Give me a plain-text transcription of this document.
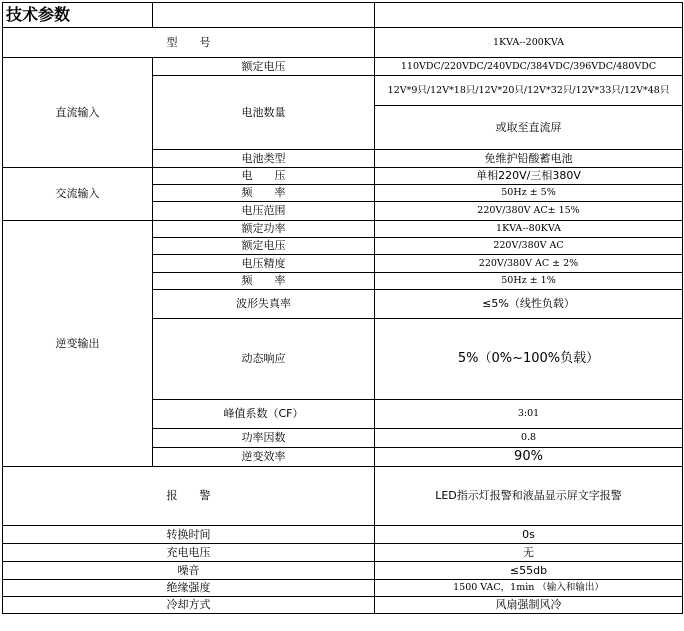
技术参数		
型　　号		1KVA--200KVA
直流输入	额定电压	110VDC/220VDC/240VDC/384VDC/396VDC/480VDC
	电池数量	12V*9只/12V*18只/12V*20只/12V*32只/12V*33只/12V*48只
		或取至直流屏
	电池类型	免维护铅酸蓄电池
交流输入	电　　压	单相220V/三相380V
	频　　率	50Hz ± 5%
	电压范围	220V/380V AC± 15%
逆变输出	额定功率	1KVA--80KVA
	额定电压	220V/380V AC
	电压精度	220V/380V AC ± 2%
	频　　率	50Hz ± 1%
	波形失真率	≤5%（线性负载）
	动态响应	5%（0%~100%负载）
	峰值系数（CF）	3:01
	功率因数	0.8
	逆变效率	90%
报　　警		LED指示灯报警和液晶显示屏文字报警
转换时间		0s
充电电压		无
噪音		≤55db
绝缘强度		1500 VAC，1min （输入和输出）
冷却方式		风扇强制风冷
